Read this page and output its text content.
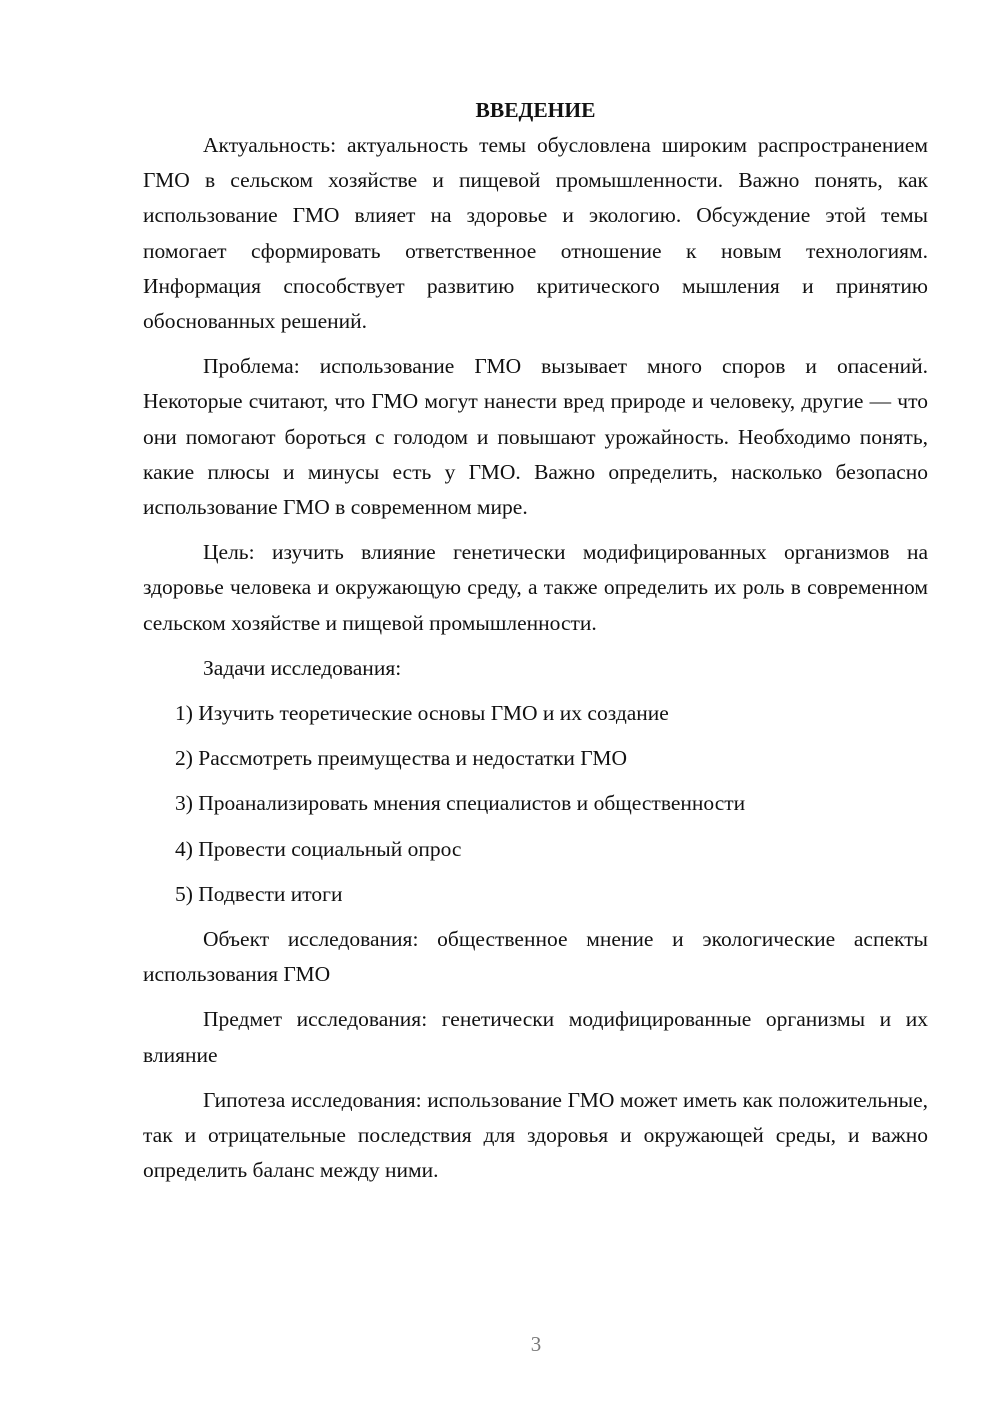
ВВЕДЕНИЕ

Актуальность: актуальность темы обусловлена широким распространением ГМО в сельском хозяйстве и пищевой промышленности. Важно понять, как использование ГМО влияет на здоровье и экологию. Обсуждение этой темы помогает сформировать ответственное отношение к новым технологиям. Информация способствует развитию критического мышления и принятию обоснованных решений.

Проблема: использование ГМО вызывает много споров и опасений. Некоторые считают, что ГМО могут нанести вред природе и человеку, другие — что они помогают бороться с голодом и повышают урожайность. Необходимо понять, какие плюсы и минусы есть у ГМО. Важно определить, насколько безопасно использование ГМО в современном мире.

Цель: изучить влияние генетически модифицированных организмов на здоровье человека и окружающую среду, а также определить их роль в современном сельском хозяйстве и пищевой промышленности.

Задачи исследования:

1) Изучить теоретические основы ГМО и их создание
2) Рассмотреть преимущества и недостатки ГМО
3) Проанализировать мнения специалистов и общественности
4) Провести социальный опрос
5) Подвести итоги

Объект исследования: общественное мнение и экологические аспекты использования ГМО

Предмет исследования: генетически модифицированные организмы и их влияние

Гипотеза исследования: использование ГМО может иметь как положительные, так и отрицательные последствия для здоровья и окружающей среды, и важно определить баланс между ними.

3
